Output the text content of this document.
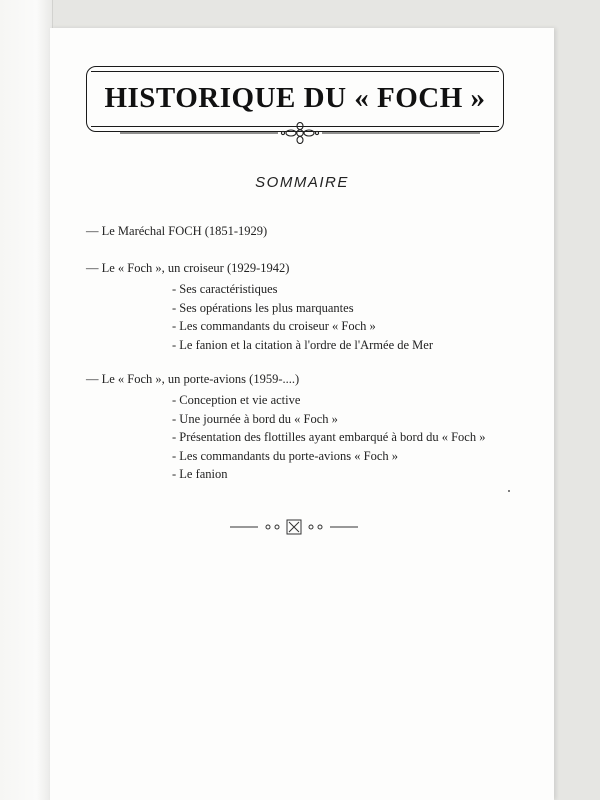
HISTORIQUE DU « FOCH »
SOMMAIRE
— Le Maréchal FOCH (1851-1929)
— Le « Foch », un croiseur (1929-1942)
- Ses caractéristiques
- Ses opérations les plus marquantes
- Les commandants du croiseur « Foch »
- Le fanion et la citation à l'ordre de l'Armée de Mer
— Le « Foch », un porte-avions (1959-....)
- Conception et vie active
- Une journée à bord du « Foch »
- Présentation des flottilles ayant embarqué à bord du « Foch »
- Les commandants du porte-avions « Foch »
- Le fanion
